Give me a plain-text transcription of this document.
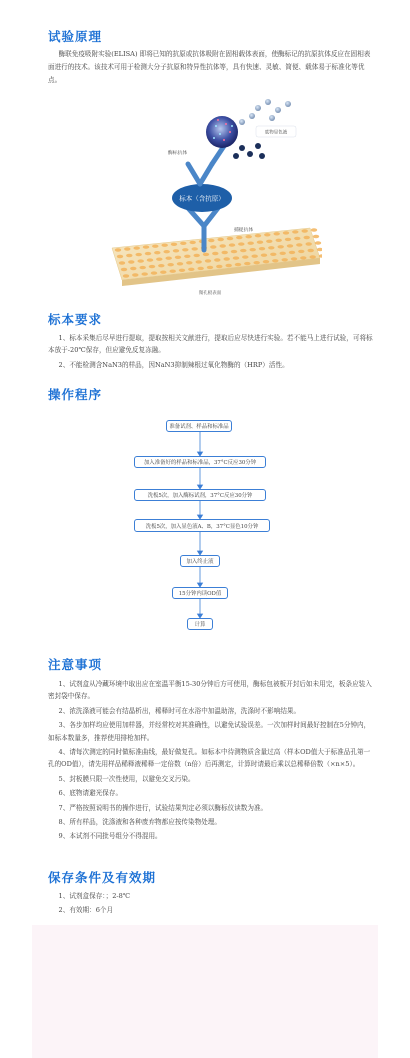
试验原理

酶联免疫吸附实验(ELISA) 即将已知的抗原或抗体吸附在固相载体表面，使酶标记的抗原抗体反应在固相表面进行的技术。该技术可用于检测大分子抗原和特异性抗体等，具有快速、灵敏、简便、载体易于标准化等优点。

微孔板表面
捕捉抗体
标本（含抗原）
酶标抗体
底物显色液
标本要求

1、标本采集后尽早进行提取，提取按相关文献进行，提取后应尽快进行实验。若不能马上进行试验，可将标本放于-20℃保存，但应避免反复冻融。

2、不能检测含NaN3的样品，因NaN3抑制辣根过氧化物酶的（HRP）活性。

操作程序
准备试剂、样品和标准品
加入准备好的样品和标准品，37°C反应30分钟
洗板5次，加入酶标试剂，37°C反应30分钟
洗板5次，加入显色液A、B，37°C显色10分钟
加入终止液
15分钟内读OD值
计算
注意事项

1、试剂盒从冷藏环境中取出应在室温平衡15-30分钟后方可使用，酶标包被板开封后如未用完，板条应装入密封袋中保存。

2、浓洗涤液可能会有结晶析出，稀释时可在水浴中加温助溶，洗涤时不影响结果。

3、各步加样均应使用加样器，并经常校对其准确性，以避免试验误差。一次加样时间最好控制在5分钟内，如标本数量多，推荐使用排枪加样。

4、请每次测定的同时做标准曲线，最好做复孔。如标本中待测物质含量过高（样本OD值大于标准品孔第一孔的OD值），请先用样品稀释液稀释一定倍数（n倍）后再测定，计算时请最后乘以总稀释倍数（×n×5）。

5、封板膜只限一次性使用，以避免交叉污染。

6、底物请避光保存。

7、严格按照说明书的操作进行，试验结果判定必须以酶标仪读数为准。

8、所有样品，洗涤液和各种废弃物都应按传染物处理。

9、本试剂不同批号组分不得混用。

保存条件及有效期

1、试剂盒保存：；2-8℃

2、有效期：6个月
